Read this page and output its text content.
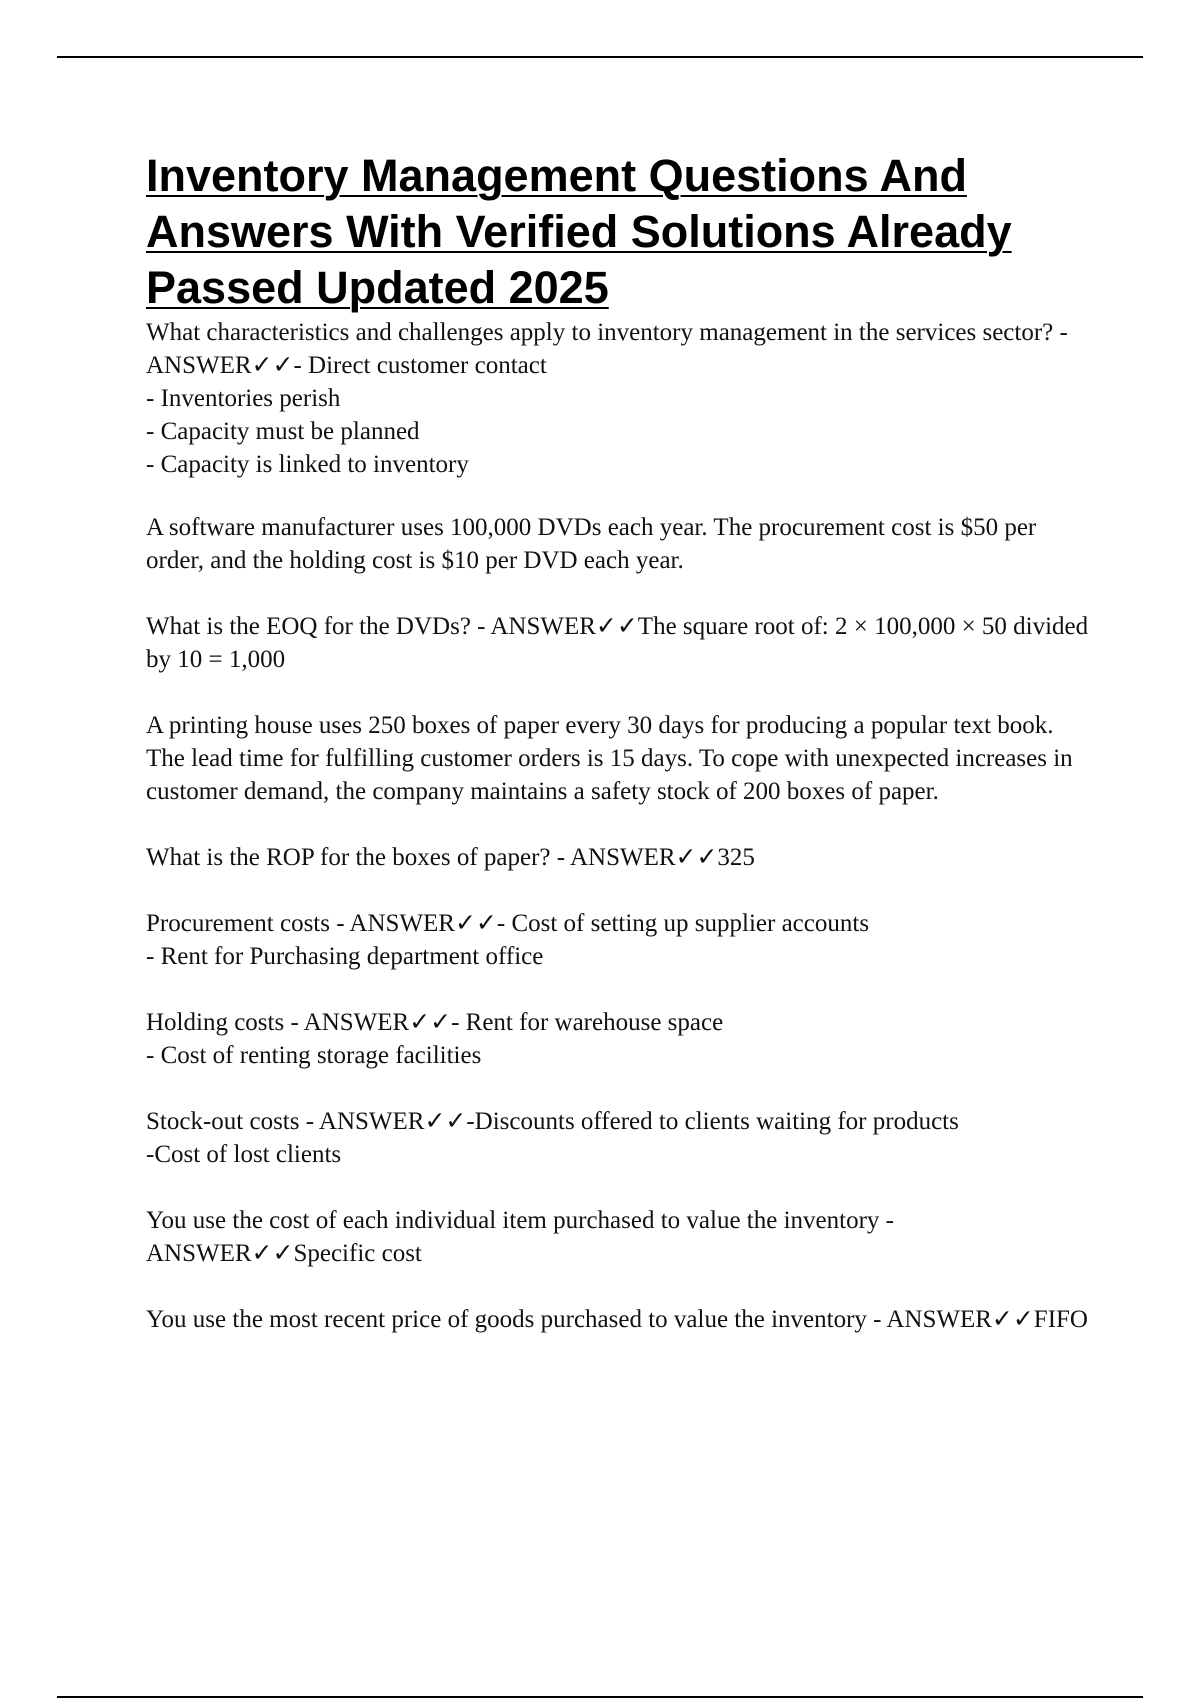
Inventory Management Questions And Answers With Verified Solutions Already Passed Updated 2025

What characteristics and challenges apply to inventory management in the services sector? - ANSWER✓✓- Direct customer contact

- Inventories perish

- Capacity must be planned

- Capacity is linked to inventory

A software manufacturer uses 100,000 DVDs each year. The procurement cost is $50 per order, and the holding cost is $10 per DVD each year.

What is the EOQ for the DVDs? - ANSWER✓✓The square root of: 2 × 100,000 × 50 divided by 10 = 1,000

A printing house uses 250 boxes of paper every 30 days for producing a popular text book. The lead time for fulfilling customer orders is 15 days. To cope with unexpected increases in customer demand, the company maintains a safety stock of 200 boxes of paper.

What is the ROP for the boxes of paper? - ANSWER✓✓325

Procurement costs - ANSWER✓✓- Cost of setting up supplier accounts

- Rent for Purchasing department office

Holding costs - ANSWER✓✓- Rent for warehouse space

- Cost of renting storage facilities

Stock-out costs - ANSWER✓✓-Discounts offered to clients waiting for products

-Cost of lost clients

You use the cost of each individual item purchased to value the inventory - ANSWER✓✓Specific cost

You use the most recent price of goods purchased to value the inventory - ANSWER✓✓FIFO
